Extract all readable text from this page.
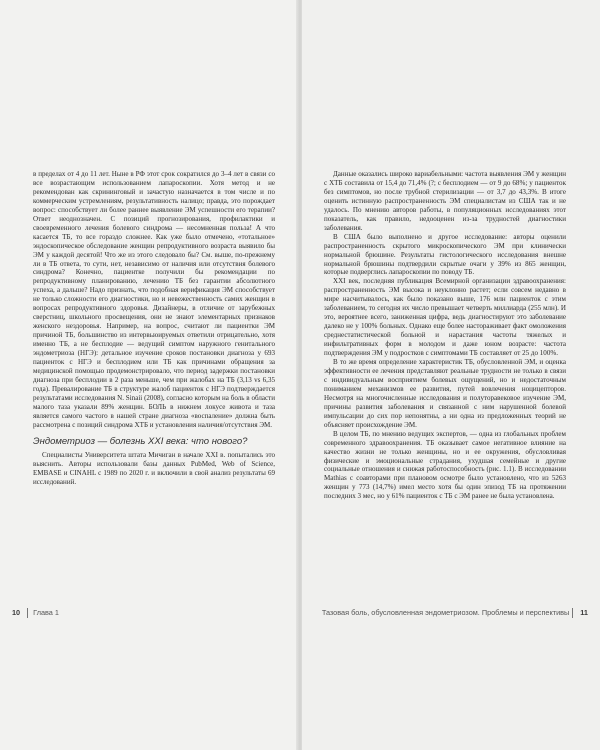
в пределах от 4 до 11 лет. Ныне в РФ этот срок сократился до 3–4 лет в связи со все возрастающим использованием лапароскопии. Хотя метод и не рекомендован как скрининговый и зачастую назначается в том числе и по коммерческим устремлениям, результативность налицо; правда, это порождает вопрос: способствует ли более раннее выявление ЭМ успешности его терапии? Ответ неоднозначен. С позиций прогнозирования, профилактики и своевременного лечения болевого синдрома — несомненная польза! А что касается ТБ, то все гораздо сложнее. Как уже было отмечено, «тотальное» эндоскопическое обследование женщин репродуктивного возраста выявило бы ЭМ у каждой десятой! Что же из этого следовало бы? См. выше, по-прежнему ли в ТБ ответа, то сути, нет, независимо от наличия или отсутствия болевого синдрома? Конечно, пациентке получили бы рекомендации по репродуктивному планированию, лечению ТБ без гарантии абсолютного успеха, а дальше? Надо признать, что подобная верификация ЭМ способствует не только сложности его диагностики, но и невежественность самих женщин в вопросах репродуктивного здоровья. Дизайнеры, в отличие от зарубежных сверстниц, школьного просвещения, они не знают элементарных признаков женского нездоровья. Например, на вопрос, считают ли пациентки ЭМ причиной ТБ, большинство из интервьюируемых ответили отрицательно, хотя именно ТБ, а не бесплодие — ведущий симптом наружного генитального эндометриоза (НГЭ): детальное изучение сроков постановки диагноза у 693 пациенток с НГЭ и бесплодием или ТБ как причинами обращения за медицинской помощью продемонстрировало, что период задержки постановки диагноза при бесплодии в 2 раза меньше, чем при жалобах на ТБ (3,13 vs 6,35 года). Превалирование ТБ в структуре жалоб пациенток с НГЭ подтверждается результатами исследования N. Sinaii (2008), согласно которым на боль в области малого таза указали 89% женщин. БОЛЬ в нижнем локусе живота и таза является самого частого в нашей стране диагноза «воспаление» должна быть рассмотрена с позиций синдрома ХТБ и установления наличия/отсутствия ЭМ.

Эндометриоз — болезнь XXI века: что нового?

Специалисты Университета штата Мичиган в начале XXI в. попытались это выяснить. Авторы использовали базы данных PubMed, Web of Science, EMBASE и CINAHL с 1989 по 2020 г. и включили в свой анализ результаты 69 исследований.

10 Глава 1

Данные оказались широко вариабельными: частота выявления ЭМ у женщин с ХТБ составила от 15,4 до 71,4% (?; с бесплодием — от 9 до 68%; у пациенток без симптомов, но после трубной стерилизации — от 3,7 до 43,3%. В итоге оценить истинную распространенность ЭМ специалистам из США так и не удалось. По мнению авторов работы, в популяционных исследованиях этот показатель, как правило, недооценен из-за трудностей диагностики заболевания.

В США было выполнено и другое исследование: авторы оценили распространенность скрытого микроскопического ЭМ при клинически нормальной брюшине. Результаты гистологического исследования внешне нормальной брюшины подтвердили скрытые очаги у 39% из 865 женщин, которые подверглись лапароскопии по поводу ТБ.

XXI век, последняя публикация Всемирной организации здравоохранения: распространенность ЭМ высока и неуклонно растет; если совсем недавно в мире насчитывалось, как было показано выше, 176 млн пациенток с этим заболеванием, то сегодня их число превышает четверть миллиарда (255 млн). И это, вероятнее всего, заниженная цифра, ведь диагностируют это заболевание далеко не у 100% больных. Однако еще более настораживает факт омоложения среднестатистической больной и нарастания частоты тяжелых и инфильтративных форм в молодом и даже юном возрасте: частота подтверждения ЭМ у подростков с симптомами ТБ составляет от 25 до 100%.

В то же время определение характеристик ТБ, обусловленной ЭМ, и оценка эффективности ее лечения представляют реальные трудности не только в связи с индивидуальным восприятием болевых ощущений, но и недостаточным пониманием механизмов ее развития, путей вовлечения ноцицепторов. Несмотря на многочисленные исследования и полуторавековое изучение ЭМ, причины развития заболевания и связанной с ним нарушенной болевой импульсации до сих пор непонятны, а ни одна из предложенных теорий не объясняет происхождение ЭМ.

В целом ТБ, по мнению ведущих экспертов, — одна из глобальных проблем современного здравоохранения. ТБ оказывает самое негативное влияние на качество жизни не только женщины, но и ее окружения, обусловливая физические и эмоциональные страдания, ухудшая семейные и другие социальные отношения и снижая работоспособность (рис. 1.1). В исследовании Mathias с соавторами при плановом осмотре было установлено, что из 5263 женщин у 773 (14,7%) имел место хотя бы один эпизод ТБ на протяжении последних 3 мес, но у 61% пациенток с ТБ с ЭМ ранее не была установлена.

Тазовая боль, обусловленная эндометриозом. Проблемы и перспективы 11
